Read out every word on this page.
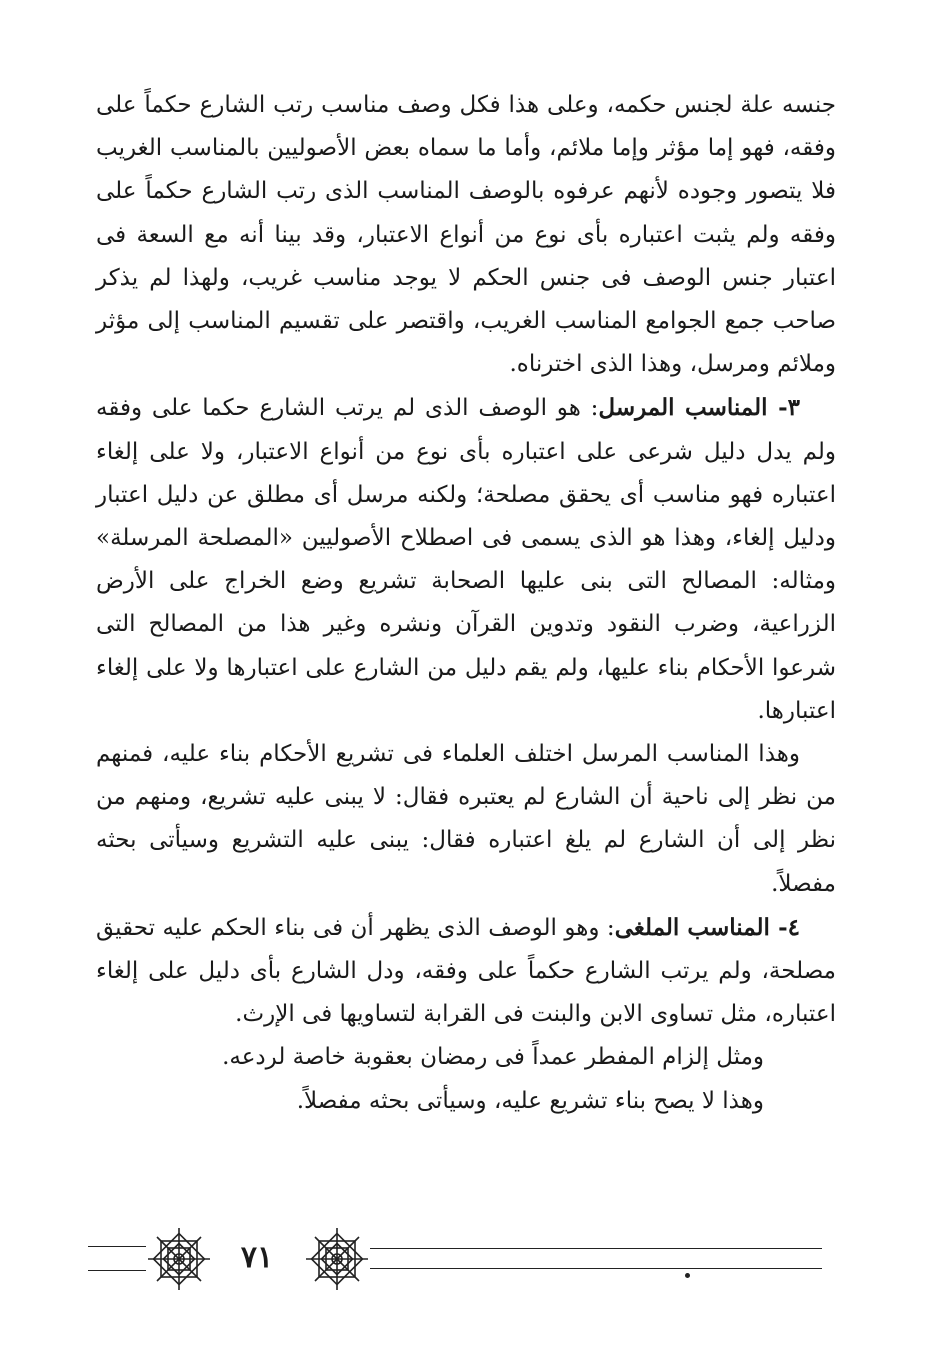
جنسه علة لجنس حكمه، وعلى هذا فكل وصف مناسب رتب الشارع حكماً على وفقه، فهو إما مؤثر وإما ملائم، وأما ما سماه بعض الأصوليين بالمناسب الغريب فلا يتصور وجوده لأنهم عرفوه بالوصف المناسب الذى رتب الشارع حكماً على وفقه ولم يثبت اعتباره بأى نوع من أنواع الاعتبار، وقد بينا أنه مع السعة فى اعتبار جنس الوصف فى جنس الحكم لا يوجد مناسب غريب، ولهذا لم يذكر صاحب جمع الجوامع المناسب الغريب، واقتصر على تقسيم المناسب إلى مؤثر وملائم ومرسل، وهذا الذى اخترناه.

٣- المناسب المرسل: هو الوصف الذى لم يرتب الشارع حكما على وفقه ولم يدل دليل شرعى على اعتباره بأى نوع من أنواع الاعتبار، ولا على إلغاء اعتباره فهو مناسب أى يحقق مصلحة؛ ولكنه مرسل أى مطلق عن دليل اعتبار ودليل إلغاء، وهذا هو الذى يسمى فى اصطلاح الأصوليين «المصلحة المرسلة» ومثاله: المصالح التى بنى عليها الصحابة تشريع وضع الخراج على الأرض الزراعية، وضرب النقود وتدوين القرآن ونشره وغير هذا من المصالح التى شرعوا الأحكام بناء عليها، ولم يقم دليل من الشارع على اعتبارها ولا على إلغاء اعتبارها.

وهذا المناسب المرسل اختلف العلماء فى تشريع الأحكام بناء عليه، فمنهم من نظر إلى ناحية أن الشارع لم يعتبره فقال: لا يبنى عليه تشريع، ومنهم من نظر إلى أن الشارع لم يلغ اعتباره فقال: يبنى عليه التشريع وسيأتى بحثه مفصلاً.

٤- المناسب الملغى: وهو الوصف الذى يظهر أن فى بناء الحكم عليه تحقيق مصلحة، ولم يرتب الشارع حكماً على وفقه، ودل الشارع بأى دليل على إلغاء اعتباره، مثل تساوى الابن والبنت فى القرابة لتساويها فى الإرث.

ومثل إلزام المفطر عمداً فى رمضان بعقوبة خاصة لردعه.

وهذا لا يصح بناء تشريع عليه، وسيأتى بحثه مفصلاً.

٧١
